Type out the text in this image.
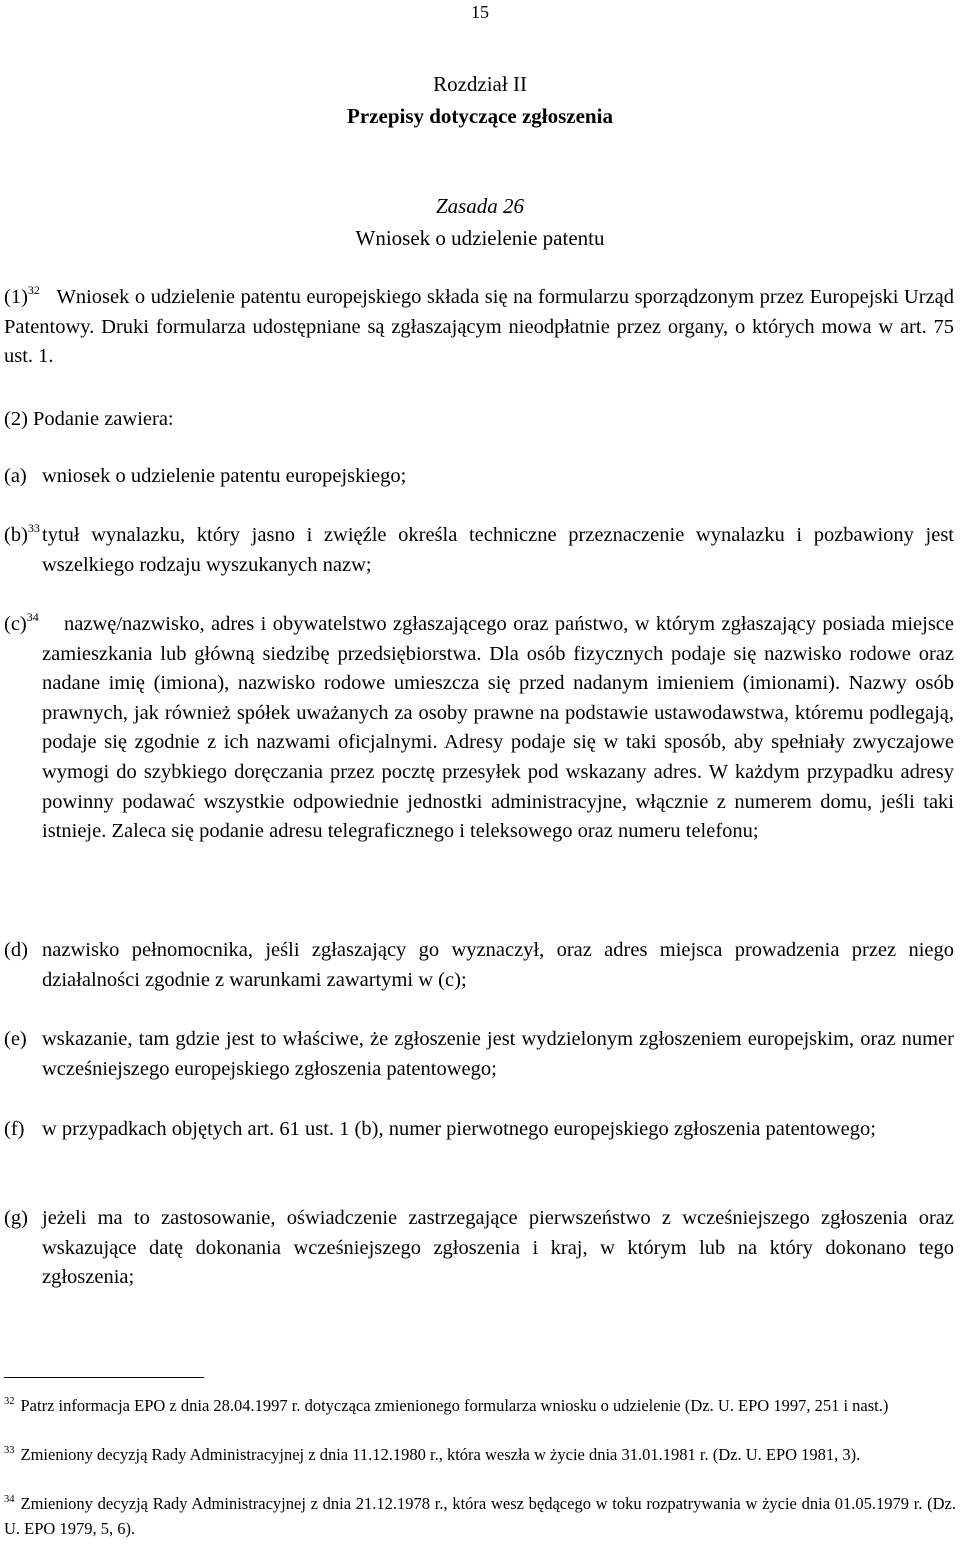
15
Rozdział II
Przepisy dotyczące zgłoszenia
Zasada 26
Wniosek o udzielenie patentu
$(1)^{32}$ Wniosek o udzielenie patentu europejskiego składa się na formularzu sporządzonym przez Europejski Urząd Patentowy. Druki formularza udostępniane są zgłaszającym nieodpłatnie przez organy, o których mowa w art. 75 ust. 1.
(2) Podanie zawiera:
(a) wniosek o udzielenie patentu europejskiego;
$(b)^{33}$ tytuł wynalazku, który jasno i zwięźle określa techniczne przeznaczenie wynalazku i pozbawiony jest wszelkiego rodzaju wyszukanych nazw;
$(c)^{34}$	nazwę/nazwisko, adres i obywatelstwo zgłaszającego oraz państwo, w którym zgłaszający posiada miejsce zamieszkania lub główną siedzibę przedsiębiorstwa. Dla osób fizycznych podaje się nazwisko rodowe oraz nadane imię (imiona), nazwisko rodowe umieszcza się przed nadanym imieniem (imionami). Nazwy osób prawnych, jak również spółek uważanych za osoby prawne na podstawie ustawodawstwa, któremu podlegają, podaje się zgodnie z ich nazwami oficjalnymi. Adresy podaje się w taki sposób, aby spełniały zwyczajowe wymogi do szybkiego doręczania przez pocztę przesyłek pod wskazany adres. W każdym przypadku adresy powinny podawać wszystkie odpowiednie jednostki administracyjne, włącznie z numerem domu, jeśli taki istnieje. Zaleca się podanie adresu telegraficznego i teleksowego oraz numeru telefonu;
(d) nazwisko pełnomocnika, jeśli zgłaszający go wyznaczył, oraz adres miejsca prowadzenia przez niego działalności zgodnie z warunkami zawartymi w (c);
(e) wskazanie, tam gdzie jest to właściwe, że zgłoszenie jest wydzielonym zgłoszeniem europejskim, oraz numer wcześniejszego europejskiego zgłoszenia patentowego;
(f) w przypadkach objętych art. 61 ust. 1 (b), numer pierwotnego europejskiego zgłoszenia patentowego;
(g) jeżeli ma to zastosowanie, oświadczenie zastrzegające pierwszeństwo z wcześniejszego zgłoszenia oraz wskazujące datę dokonania wcześniejszego zgłoszenia i kraj, w którym lub na który dokonano tego zgłoszenia;
$^{32}$ Patrz informacja EPO z dnia 28.04.1997 r. dotycząca zmienionego formularza wniosku o udzielenie (Dz. U. EPO 1997, 251 i nast.)
$^{33}$ Zmieniony decyzją Rady Administracyjnej z dnia 11.12.1980 r., która weszła w życie dnia 31.01.1981 r. (Dz. U. EPO 1981, 3).
$^{34}$ Zmieniony decyzją Rady Administracyjnej z dnia 21.12.1978 r., która wesz będącego w toku rozpatrywania w życie dnia 01.05.1979 r. (Dz. U. EPO 1979, 5, 6).
